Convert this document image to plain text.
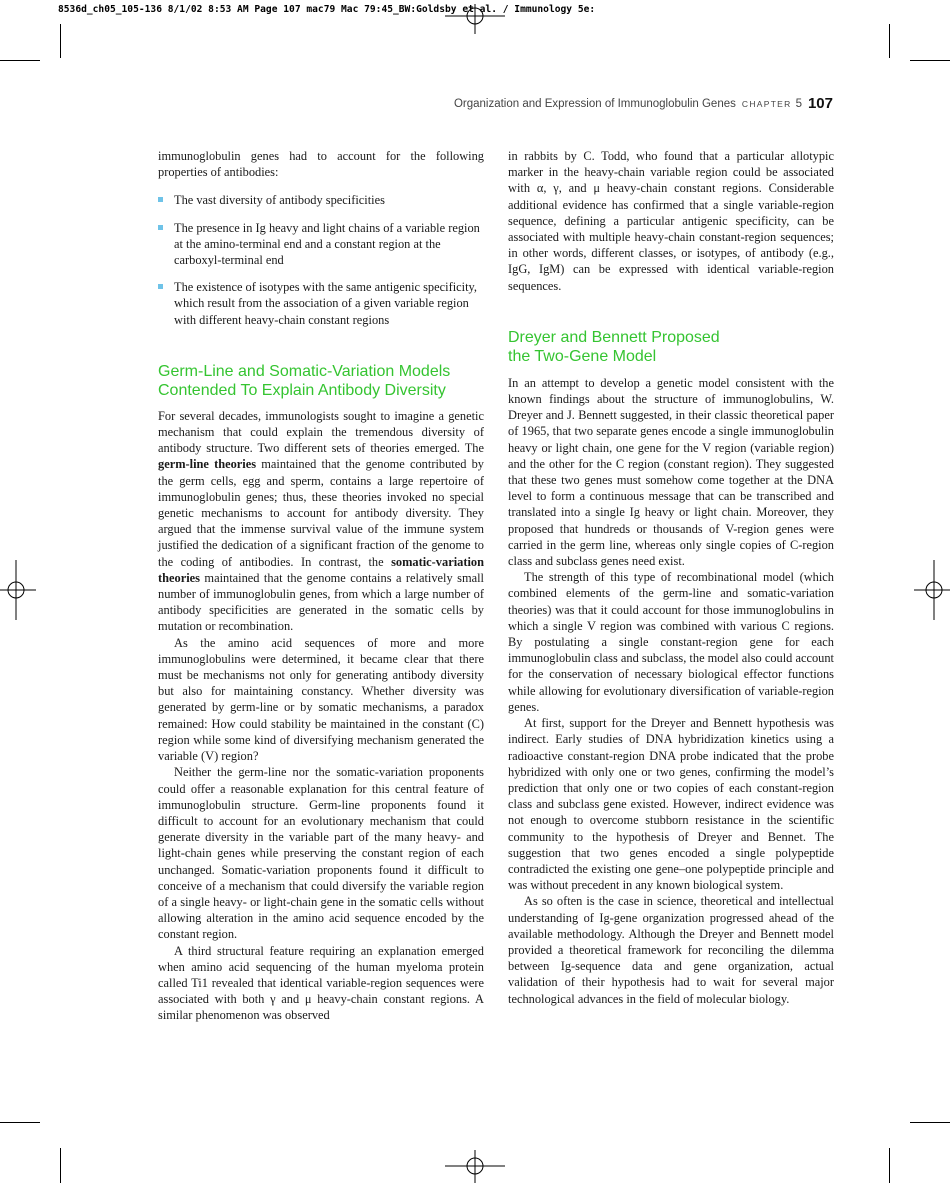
8536d_ch05_105-136 8/1/02 8:53 AM Page 107 mac79 Mac 79:45_BW:Goldsby et al. / Immunology 5e:
Organization and Expression of Immunoglobulin Genes CHAPTER 5 107

immunoglobulin genes had to account for the following properties of antibodies:

The vast diversity of antibody specificities
The presence in Ig heavy and light chains of a variable region at the amino-terminal end and a constant region at the carboxyl-terminal end
The existence of isotypes with the same antigenic specificity, which result from the association of a given variable region with different heavy-chain constant regions
Germ-Line and Somatic-Variation Models
Contended To Explain Antibody Diversity

For several decades, immunologists sought to imagine a genetic mechanism that could explain the tremendous diversity of antibody structure. Two different sets of theories emerged. The germ-line theories maintained that the genome contributed by the germ cells, egg and sperm, contains a large repertoire of immunoglobulin genes; thus, these theories invoked no special genetic mechanisms to account for antibody diversity. They argued that the immense survival value of the immune system justified the dedication of a significant fraction of the genome to the coding of antibodies. In contrast, the somatic-variation theories maintained that the genome contains a relatively small number of immunoglobulin genes, from which a large number of antibody specificities are generated in the somatic cells by mutation or recombination.

As the amino acid sequences of more and more immunoglobulins were determined, it became clear that there must be mechanisms not only for generating antibody diversity but also for maintaining constancy. Whether diversity was generated by germ-line or by somatic mechanisms, a paradox remained: How could stability be maintained in the constant (C) region while some kind of diversifying mechanism generated the variable (V) region?

Neither the germ-line nor the somatic-variation proponents could offer a reasonable explanation for this central feature of immunoglobulin structure. Germ-line proponents found it difficult to account for an evolutionary mechanism that could generate diversity in the variable part of the many heavy- and light-chain genes while preserving the constant region of each unchanged. Somatic-variation proponents found it difficult to conceive of a mechanism that could diversify the variable region of a single heavy- or light-chain gene in the somatic cells without allowing alteration in the amino acid sequence encoded by the constant region.

A third structural feature requiring an explanation emerged when amino acid sequencing of the human myeloma protein called Ti1 revealed that identical variable-region sequences were associated with both γ and μ heavy-chain constant regions. A similar phenomenon was observed

in rabbits by C. Todd, who found that a particular allotypic marker in the heavy-chain variable region could be associated with α, γ, and μ heavy-chain constant regions. Considerable additional evidence has confirmed that a single variable-region sequence, defining a particular antigenic specificity, can be associated with multiple heavy-chain constant-region sequences; in other words, different classes, or isotypes, of antibody (e.g., IgG, IgM) can be expressed with identical variable-region sequences.

Dreyer and Bennett Proposed
the Two-Gene Model

In an attempt to develop a genetic model consistent with the known findings about the structure of immunoglobulins, W. Dreyer and J. Bennett suggested, in their classic theoretical paper of 1965, that two separate genes encode a single immunoglobulin heavy or light chain, one gene for the V region (variable region) and the other for the C region (constant region). They suggested that these two genes must somehow come together at the DNA level to form a continuous message that can be transcribed and translated into a single Ig heavy or light chain. Moreover, they proposed that hundreds or thousands of V-region genes were carried in the germ line, whereas only single copies of C-region class and subclass genes need exist.

The strength of this type of recombinational model (which combined elements of the germ-line and somatic-variation theories) was that it could account for those immunoglobulins in which a single V region was combined with various C regions. By postulating a single constant-region gene for each immunoglobulin class and subclass, the model also could account for the conservation of necessary biological effector functions while allowing for evolutionary diversification of variable-region genes.

At first, support for the Dreyer and Bennett hypothesis was indirect. Early studies of DNA hybridization kinetics using a radioactive constant-region DNA probe indicated that the probe hybridized with only one or two genes, confirming the model’s prediction that only one or two copies of each constant-region class and subclass gene existed. However, indirect evidence was not enough to overcome stubborn resistance in the scientific community to the hypothesis of Dreyer and Bennet. The suggestion that two genes encoded a single polypeptide contradicted the existing one gene–one polypeptide principle and was without precedent in any known biological system.

As so often is the case in science, theoretical and intellectual understanding of Ig-gene organization progressed ahead of the available methodology. Although the Dreyer and Bennett model provided a theoretical framework for reconciling the dilemma between Ig-sequence data and gene organization, actual validation of their hypothesis had to wait for several major technological advances in the field of molecular biology.
